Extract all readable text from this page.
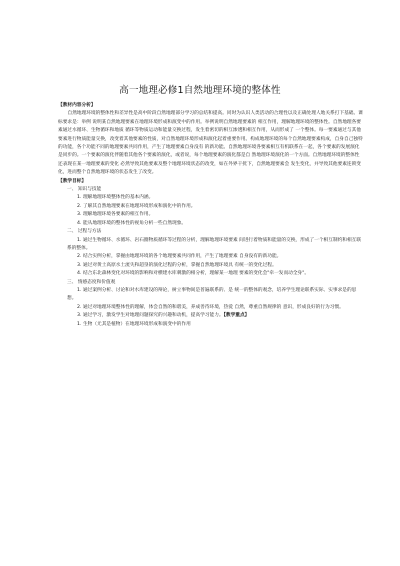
高一地理必修1自然地理环境的整体性

【教材内容分析】

自然地理环境的整体性和差异性是高中阶段自然地理部分学习的总结和提高。同时为认识人类活动的合理性以及正确处理人地关系打下基础。课标要求是：举例 说明某自然地理要素在地理环境形成和演变中的作用。举例说明自然地理要素的 相互作用，理解地理环境的整体性。自然地理各要素通过水循环、生物循环和地质 循环等物质运动和能量交换过程，发生着密切的相互渗透和相互作用，从而形成了 一个整体。每一要素通过与其他要素进行物质能量交换，改变着其他要素的性质，对自然地理环境形成和演化起着重要作用。构成地理环境的每个自然地理要素构成，自身自己独特的功能，各个功能不同的地理要素共同作用，产生了地理要素自身没有 的新功能。自然地理环境各要素相互有机联系在一起，各个要素的发展演化是同步的。一个要素的演化伴随着其他各个要素的演化，或者说，每个地理要素的演化都是自 然地理环境演化的一个方面。自然地理环境的整体性还表现在某一地理要素的变化 必然导致其他要素及整个地理环境状态的改变，如在外界干扰下，自然地理要素会 发生变化，并导致其他要素连锁变化，进而整个自然地理环境的状态发生了改变。

【教学目标】

一、 知识与技能

1. 理解地理环境整体性的基本内涵。

2. 了解其自然地理要素在地理环境形成和演化中的作用。

3. 理解地理环境各要素的相互作用。

4. 能从地理环境的整体性的视角分析一些自然现象。

二、 过程与方法

1. 通过生物循环、水循环、岩石圈物质循环等过程的分析，理解地理环境要素 间进行着物质和能量的交换，形成了一个相互制约和相互联系的整体。

2. 结合实例分析，掌握由地理环境的各个地理要素共同作用，产生了地理要素 自身没有的新功能。

3. 通过对黄土高原水土流失和超垦的演化过程的分析，掌握自然地理环境具 有统一的变化过程。

4. 结合东北森林变化对环境的影响和对横建水库刺激的相分析，理解某一地理 要素的变化会"牵一发而动全身"。

三、 情感态度和价值观

1. 通过案例分析、讨论和对水库建设的辩论，树立事物间是普遍联系的、是 统一的整体的观念，培养学生理论联系实际、实事求是的思想。

2. 通过对地理环境整体性的理解，体会自然的和谐美，养成善待环境，热爱 自然，尊重自然规律的 意识，形成良好的行为习惯。

3. 通过学习，激发学生对地理问题探究的兴趣和动机，提高学习能力。【教学重点】

1. 生物（尤其是植物）在地理环境形成和演变中的作用
